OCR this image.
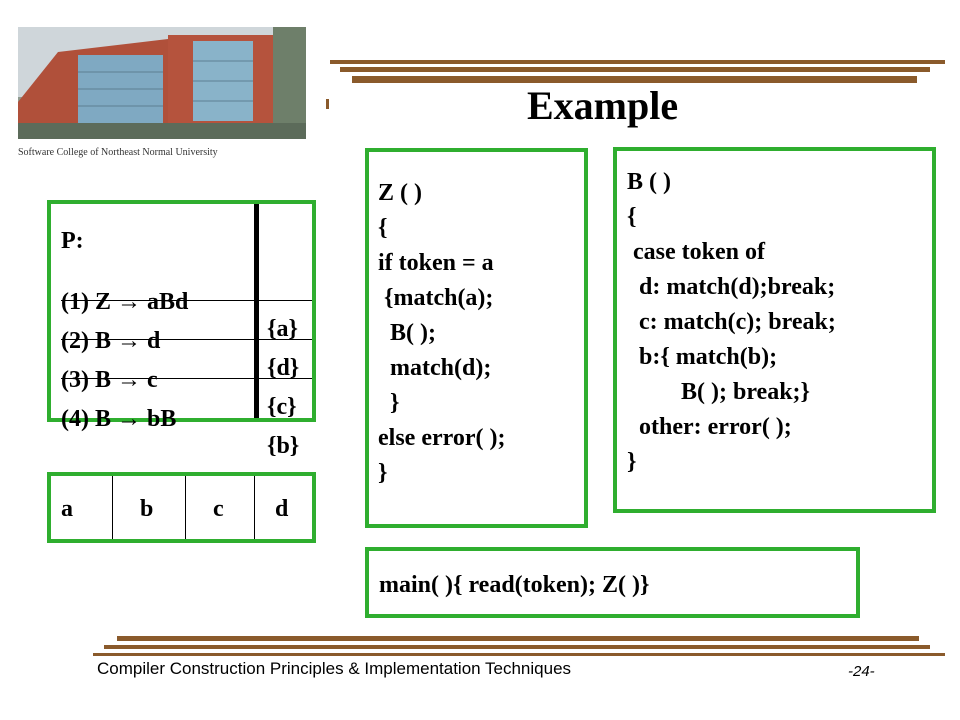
Software College of Northeast Normal University
Example
P:

(1) Z → aBd

{a}

(2) B → d

{d}

(3) B → c

{c}

(4) B → bB

{b}

a	b c d
Z ( )
{
if token = a
{match(a);
B( );
match(d);
}
else error( );
}
B ( )
{
case token of
d: match(d);break;
c: match(c); break;
b:{ match(b);
B( ); break;}
other: error( );
}
main( ){ read(token); Z( )}
Compiler Construction Principles & Implementation Techniques	-24-
